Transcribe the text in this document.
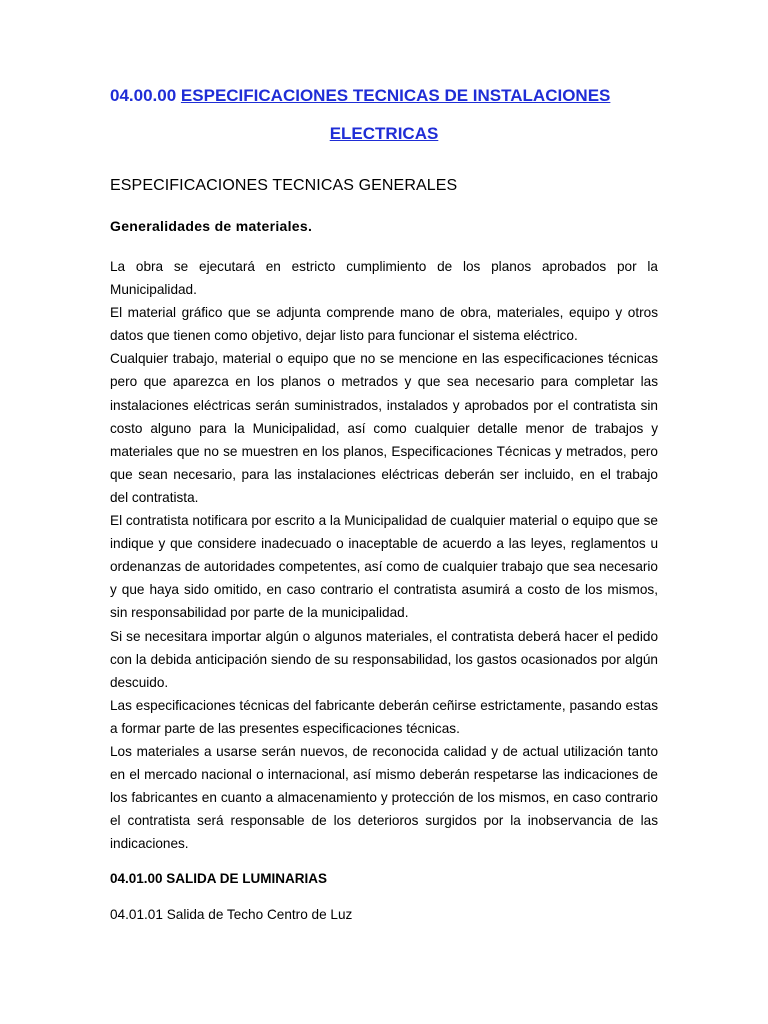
04.00.00 ESPECIFICACIONES TECNICAS DE INSTALACIONES
ELECTRICAS
ESPECIFICACIONES TECNICAS GENERALES
Generalidades de materiales.

La obra se ejecutará en estricto cumplimiento de los planos aprobados por la Municipalidad.

El material gráfico que se adjunta comprende mano de obra, materiales, equipo y otros datos que tienen como objetivo, dejar listo para funcionar el sistema eléctrico.

Cualquier trabajo, material o equipo que no se mencione en las especificaciones técnicas pero que aparezca en los planos o metrados y que sea necesario para completar las instalaciones eléctricas serán suministrados, instalados y aprobados por el contratista sin costo alguno para la Municipalidad, así como cualquier detalle menor de trabajos y materiales que no se muestren en los planos, Especificaciones Técnicas y metrados, pero que sean necesario, para las instalaciones eléctricas deberán ser incluido, en el trabajo del contratista.

El contratista notificara por escrito a la Municipalidad de cualquier material o equipo que se indique y que considere inadecuado o inaceptable de acuerdo a las leyes, reglamentos u ordenanzas de autoridades competentes, así como de cualquier trabajo que sea necesario y que haya sido omitido, en caso contrario el contratista asumirá a costo de los mismos, sin responsabilidad por parte de la municipalidad.

Si se necesitara importar algún o algunos materiales, el contratista deberá hacer el pedido con la debida anticipación siendo de su responsabilidad, los gastos ocasionados por algún descuido.

Las especificaciones técnicas del fabricante deberán ceñirse estrictamente, pasando estas a formar parte de las presentes especificaciones técnicas.

Los materiales a usarse serán nuevos, de reconocida calidad y de actual utilización tanto en el mercado nacional o internacional, así mismo deberán respetarse las indicaciones de los fabricantes en cuanto a almacenamiento y protección de los mismos, en caso contrario el contratista será responsable de los deterioros surgidos por la inobservancia de las indicaciones.

04.01.00 SALIDA DE LUMINARIAS
04.01.01 Salida de Techo Centro de Luz
